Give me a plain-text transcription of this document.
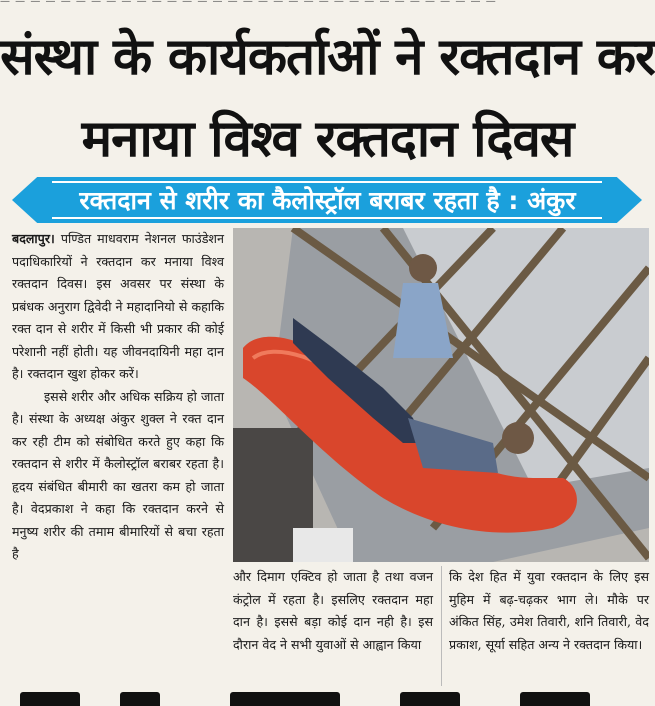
— — — — — — — — — — — — — — — — — — — — — — — — — — — — — — — — —
संस्था के कार्यकर्ताओं ने रक्तदान कर
मनाया विश्व रक्तदान दिवस
रक्तदान से शरीर का कैलोस्ट्रॉल बराबर रहता है : अंकुर

बदलापुर। पण्डित माधवराम नेशनल फाउंडेशन पदाधिकारियों ने रक्तदान कर मनाया विश्व रक्तदान दिवस। इस अवसर पर संस्था के प्रबंधक अनुराग द्विवेदी ने महादानियो से कहाकि रक्त दान से शरीर में किसी भी प्रकार की कोई परेशानी नहीं होती। यह जीवनदायिनी महा दान है। रक्तदान खुश होकर करें।

इससे शरीर और अधिक सक्रिय हो जाता है। संस्था के अध्यक्ष अंकुर शुक्ल ने रक्त दान कर रही टीम को संबोधित करते हुए कहा कि रक्तदान से शरीर में कैलोस्ट्रॉल बराबर रहता है। हृदय संबंधित बीमारी का खतरा कम हो जाता है। वेदप्रकाश ने कहा कि रक्तदान करने से मनुष्य शरीर की तमाम बीमारियों से बचा रहता है

और दिमाग एक्टिव हो जाता है तथा वजन कंट्रोल में रहता है। इसलिए रक्तदान महा दान है। इससे बड़ा कोई दान नही है। इस दौरान वेद ने सभी युवाओं से आह्वान किया
कि देश हित में युवा रक्तदान के लिए इस मुहिम में बढ़-चढ़कर भाग ले। मौके पर अंकित सिंह, उमेश तिवारी, शनि तिवारी, वेद प्रकाश, सूर्या सहित अन्य ने रक्तदान किया।
